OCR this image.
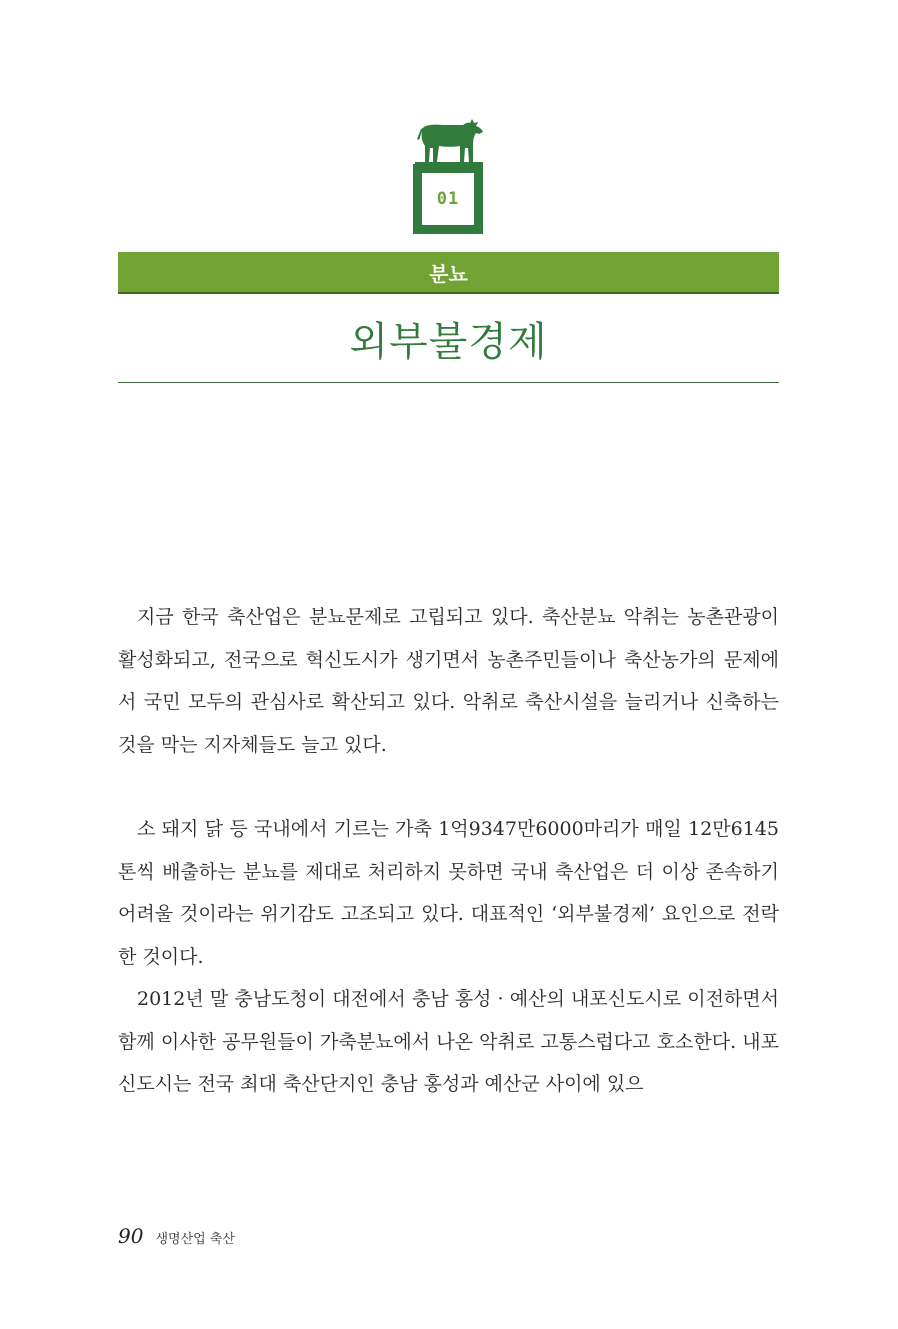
01
분뇨
외부불경제

지금 한국 축산업은 분뇨문제로 고립되고 있다. 축산분뇨 악취는 농촌관광이 활성화되고, 전국으로 혁신도시가 생기면서 농촌주민들이나 축산농가의 문제에서 국민 모두의 관심사로 확산되고 있다. 악취로 축산시설을 늘리거나 신축하는 것을 막는 지자체들도 늘고 있다.

소 돼지 닭 등 국내에서 기르는 가축 1억9347만6000마리가 매일 12만6145톤씩 배출하는 분뇨를 제대로 처리하지 못하면 국내 축산업은 더 이상 존속하기 어려울 것이라는 위기감도 고조되고 있다. 대표적인 ‘외부불경제’ 요인으로 전락한 것이다.

2012년 말 충남도청이 대전에서 충남 홍성 · 예산의 내포신도시로 이전하면서 함께 이사한 공무원들이 가축분뇨에서 나온 악취로 고통스럽다고 호소한다. 내포신도시는 전국 최대 축산단지인 충남 홍성과 예산군 사이에 있으

90 생명산업 축산
